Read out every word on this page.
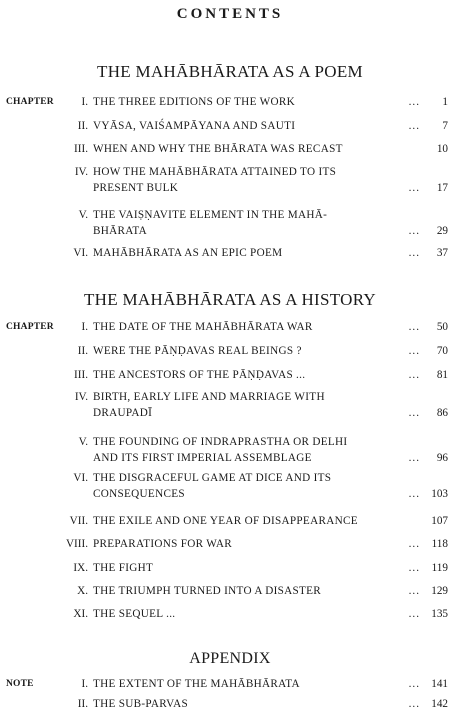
CONTENTS
THE MAHĀBHĀRATA AS A POEM
CHAPTER I. THE THREE EDITIONS OF THE WORK	...	1
II. VYĀSA, VAIŚAMPĀYANA AND SAUTI	...	7
III. WHEN AND WHY THE BHĀRATA WAS RECAST	10
IV. HOW THE MAHĀBHĀRATA ATTAINED TO ITS
PRESENT BULK	...	17
V. THE VAIṢṆAVITE ELEMENT IN THE MAHĀ-
BHĀRATA	...	29
VI. MAHĀBHĀRATA AS AN EPIC POEM	...	37
THE MAHĀBHĀRATA AS A HISTORY
CHAPTER I. THE DATE OF THE MAHĀBHĀRATA WAR	...	50
II. WERE THE PĀṆḌAVAS REAL BEINGS ?	...	70
III. THE ANCESTORS OF THE PĀṆḌAVAS ...	...	81
IV. BIRTH, EARLY LIFE AND MARRIAGE WITH
DRAUPADĪ	...	86
V. THE FOUNDING OF INDRAPRASTHA OR DELHI
AND ITS FIRST IMPERIAL ASSEMBLAGE	...	96
VI. THE DISGRACEFUL GAME AT DICE AND ITS
CONSEQUENCES	...	103
VII. THE EXILE AND ONE YEAR OF DISAPPEARANCE	107
VIII. PREPARATIONS FOR WAR	...	118
IX. THE FIGHT	...	119
X. THE TRIUMPH TURNED INTO A DISASTER	...	129
XI. THE SEQUEL ...	...	135
APPENDIX
NOTE	I. THE EXTENT OF THE MAHĀBHĀRATA	...	141
II. THE SUB-PARVAS	...	142
